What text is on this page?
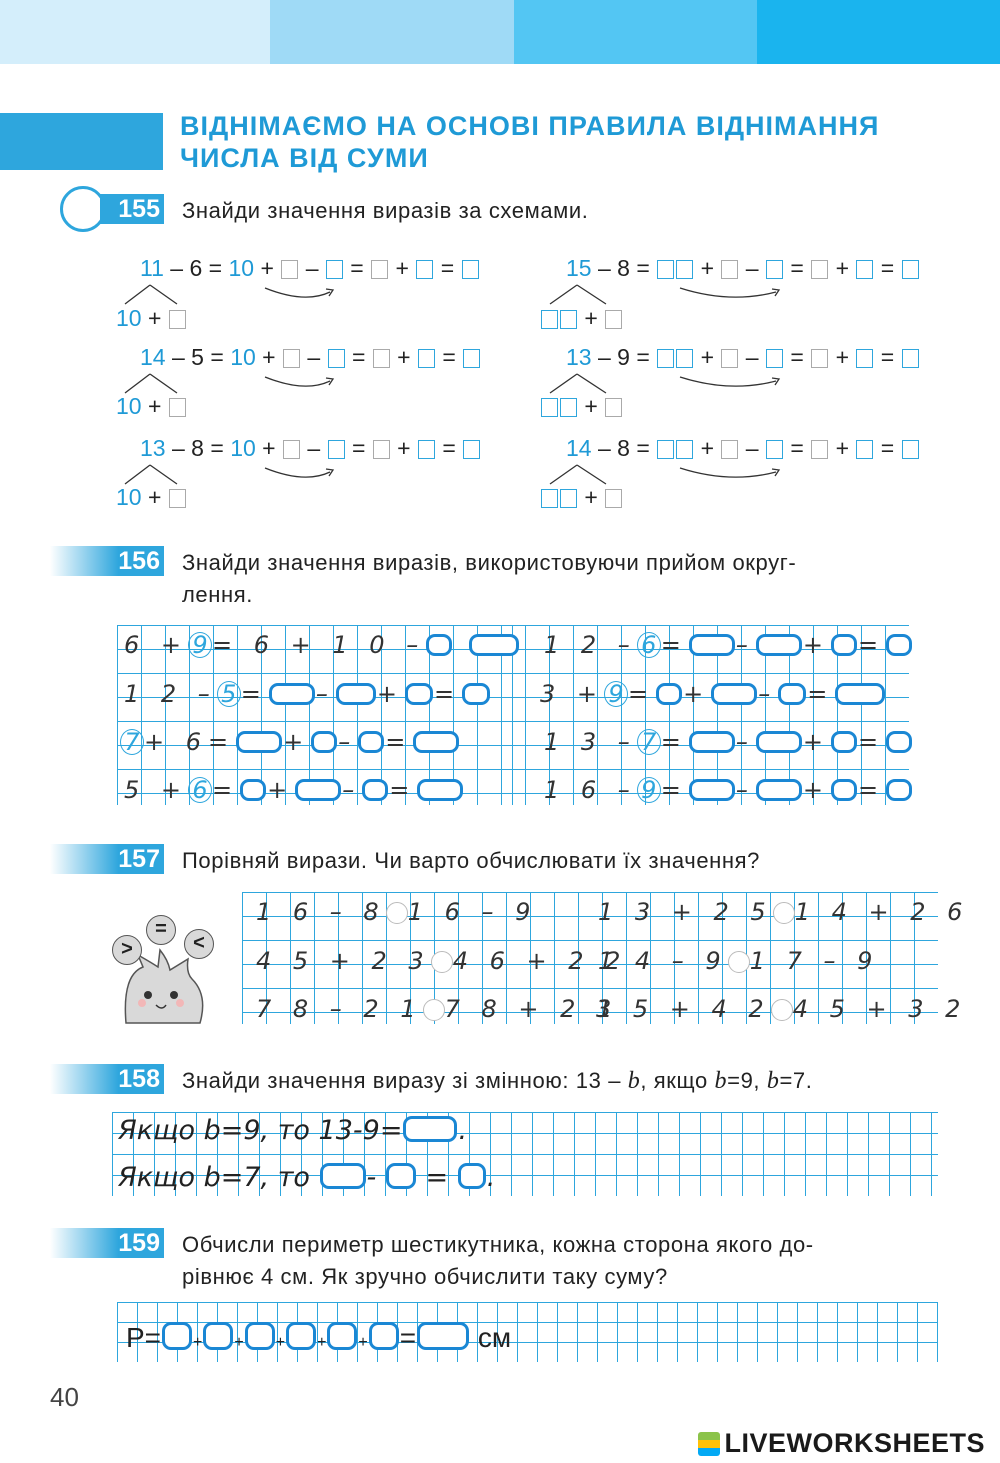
ВІДНІМАЄМО НА ОСНОВІ ПРАВИЛА ВІДНІМАННЯ
ЧИСЛА ВІД СУМИ
155 Знайди значення виразів за схемами.
11 – 6 = 10 +  –  =  +  =
10 +
14 – 5 = 10 +  –  =  +  =
10 +
13 – 8 = 10 +  –  =  +  =
10 +
15 – 8 =  +  –  =  +  =
+
13 – 9 =  +  –  =  +  =
+
14 – 8 =  +  –  =  +  =
+
156 Знайди значення виразів, використовуючи прийом округ-
лення.
6 + 9 = 6 + 1 0 –
1 2 – 5 = – + =
7 + 6= + – =
5 + 6 = + – =
1 2 – 6 = – + =
3 + 9 = + – =
1 3 – 7 = – + =
1 6 – 9 = – + =
157 Порівняй вирази. Чи варто обчислювати їх значення?
>
=
<
1 6 – 8 1 6 – 9	1 3 + 2 5 1 4 + 2 6
4 5 + 2 3 4 6 + 2 2
1 4 – 9 1 7 – 9
7 8 – 2 1 7 8 + 2 1
3 5 + 4 2 4 5 + 3 2
158 Знайди значення виразу зі змінною: 13 – b, якщо b=9, b=7.
Якщо b=9, то 13-9= .
Якщо b=7, то - = .
159 Обчисли периметр шестикутника, кожна сторона якого до-
рівнює 4 см. Як зручно обчислити таку суму?
P= + + + + + = см
40
LIVEWORKSHEETS
